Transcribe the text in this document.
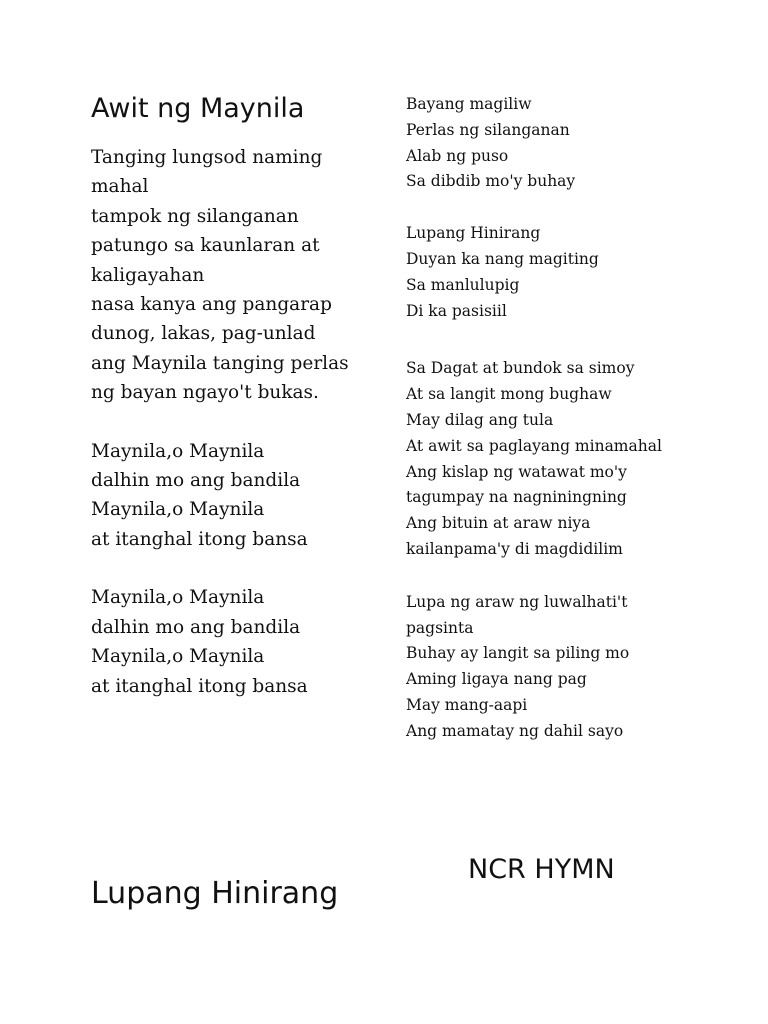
Awit ng Maynila
Tanging lungsod naming
mahal
tampok ng silanganan
patungo sa kaunlaran at
kaligayahan
nasa kanya ang pangarap
dunog, lakas, pag-unlad
ang Maynila tanging perlas
ng bayan ngayo't bukas.
Maynila,o Maynila
dalhin mo ang bandila
Maynila,o Maynila
at itanghal itong bansa
Maynila,o Maynila
dalhin mo ang bandila
Maynila,o Maynila
at itanghal itong bansa
Bayang magiliw
Perlas ng silanganan
Alab ng puso
Sa dibdib mo'y buhay
Lupang Hinirang
Duyan ka nang magiting
Sa manlulupig
Di ka pasisiil
Sa Dagat at bundok sa simoy
At sa langit mong bughaw
May dilag ang tula
At awit sa paglayang minamahal
Ang kislap ng watawat mo'y
tagumpay na nagniningning
Ang bituin at araw niya
kailanpama'y di magdidilim
Lupa ng araw ng luwalhati't
pagsinta
Buhay ay langit sa piling mo
Aming ligaya nang pag
May mang-aapi
Ang mamatay ng dahil sayo
NCR HYMN
Lupang Hinirang
